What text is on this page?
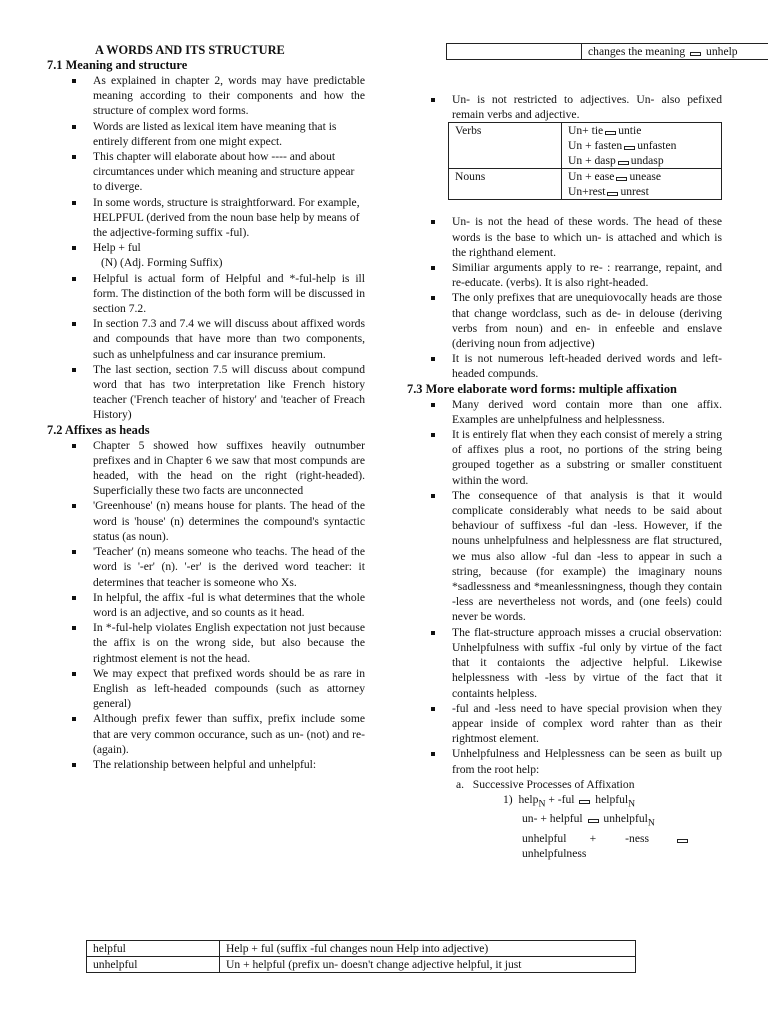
A WORDS AND ITS STRUCTURE
7.1 Meaning and structure
As explained in chapter 2, words may have predictable meaning according to their components and how the structure of complex word forms.
Words are listed as lexical item have meaning that is entirely different from one might expect.
This chapter will elaborate about how ---- and about circumtances under which meaning and structure appear to diverge.
In some words, structure is straightforward. For example, HELPFUL (derived from the noun base help by means of the adjective-forming suffix -ful).
Help + ful
(N) (Adj. Forming Suffix)
Helpful is actual form of Helpful and *-ful-help is ill form. The distinction of the both form will be discussed in section 7.2.
In section 7.3 and 7.4 we will discuss about affixed words and compounds that have more than two components, such as unhelpfulness and car insurance premium.
The last section, section 7.5 will discuss about compund word that has two interpretation like French history teacher ('French teacher of history' and 'teacher of Freach History)
7.2 Affixes as heads
Chapter 5 showed how suffixes heavily outnumber prefixes and in Chapter 6 we saw that most compunds are headed, with the head on the right (right-headed). Superficially these two facts are unconnected
'Greenhouse' (n) means house for plants. The head of the word is 'house' (n) determines the compound's syntactic status (as noun).
'Teacher' (n) means someone who teachs. The head of the word is '-er' (n). '-er' is the derived word teacher: it determines that teacher is someone who Xs.
In helpful, the affix -ful is what determines that the whole word is an adjective, and so counts as it head.
In *-ful-help violates English expectation not just because the affix is on the wrong side, but also because the rightmost element is not the head.
We may expect that prefixed words should be as rare in English as left-headed compounds (such as attorney general)
Although prefix fewer than suffix, prefix include some that are very common occurance, such as un- (not) and re- (again).
The relationship between helpful and unhelpful:
helpful	Help + ful (suffix -ful changes noun Help into adjective)
unhelpful	Un + helpful (prefix un- doesn't change adjective helpful, it just
	changes the meaning unhelp
Un- is not restricted to adjectives. Un- also pefixed remain verbs and adjective.
Verbs	Un+ tie untie
Un + fasten unfasten
Un + dasp undasp

Nouns	Un + ease unease
Un+rest unrest
Un- is not the head of these words. The head of these words is the base to which un- is attached and which is the righthand element.
Similiar arguments apply to re- : rearrange, repaint, and re-educate. (verbs). It is also right-headed.
The only prefixes that are unequiovocally heads are those that change wordclass, such as de- in delouse (deriving verbs from noun) and en- in enfeeble and enslave (deriving noun from adjective)
It is not numerous left-headed derived words and left-headed compunds.
7.3 More elaborate word forms: multiple affixation
Many derived word contain more than one affix. Examples are unhelpfulness and helplessness.
It is entirely flat when they each consist of merely a string of affixes plus a root, no portions of the string being grouped together as a substring or smaller constituent within the word.
The consequence of that analysis is that it would complicate considerably what needs to be said about behaviour of suffixess -ful dan -less. However, if the nouns unhelpfulness and helplessness are flat structured, we mus also allow -ful dan -less to appear in such a string, because (for example) the imaginary nouns *sadlessness and *meanlessningness, though they contain -less are nevertheless not words, and (one feels) could never be words.
The flat-structure approach misses a crucial observation: Unhelpfulness with suffix -ful only by virtue of the fact that it contaionts the adjective helpful. Likewise helplessness with -less by virtue of the fact that it containts helpless.
-ful and -less need to have special provision when they appear inside of complex word rahter than as their rightmost element.
Unhelpfulness and Helplessness can be seen as built up from the root help:
a. Successive Processes of Affixation
1) help$_N$ + -ful  helpful$_N$
un- + helpful  unhelpful$_N$
unhelpful + -ness
unhelpfulness
